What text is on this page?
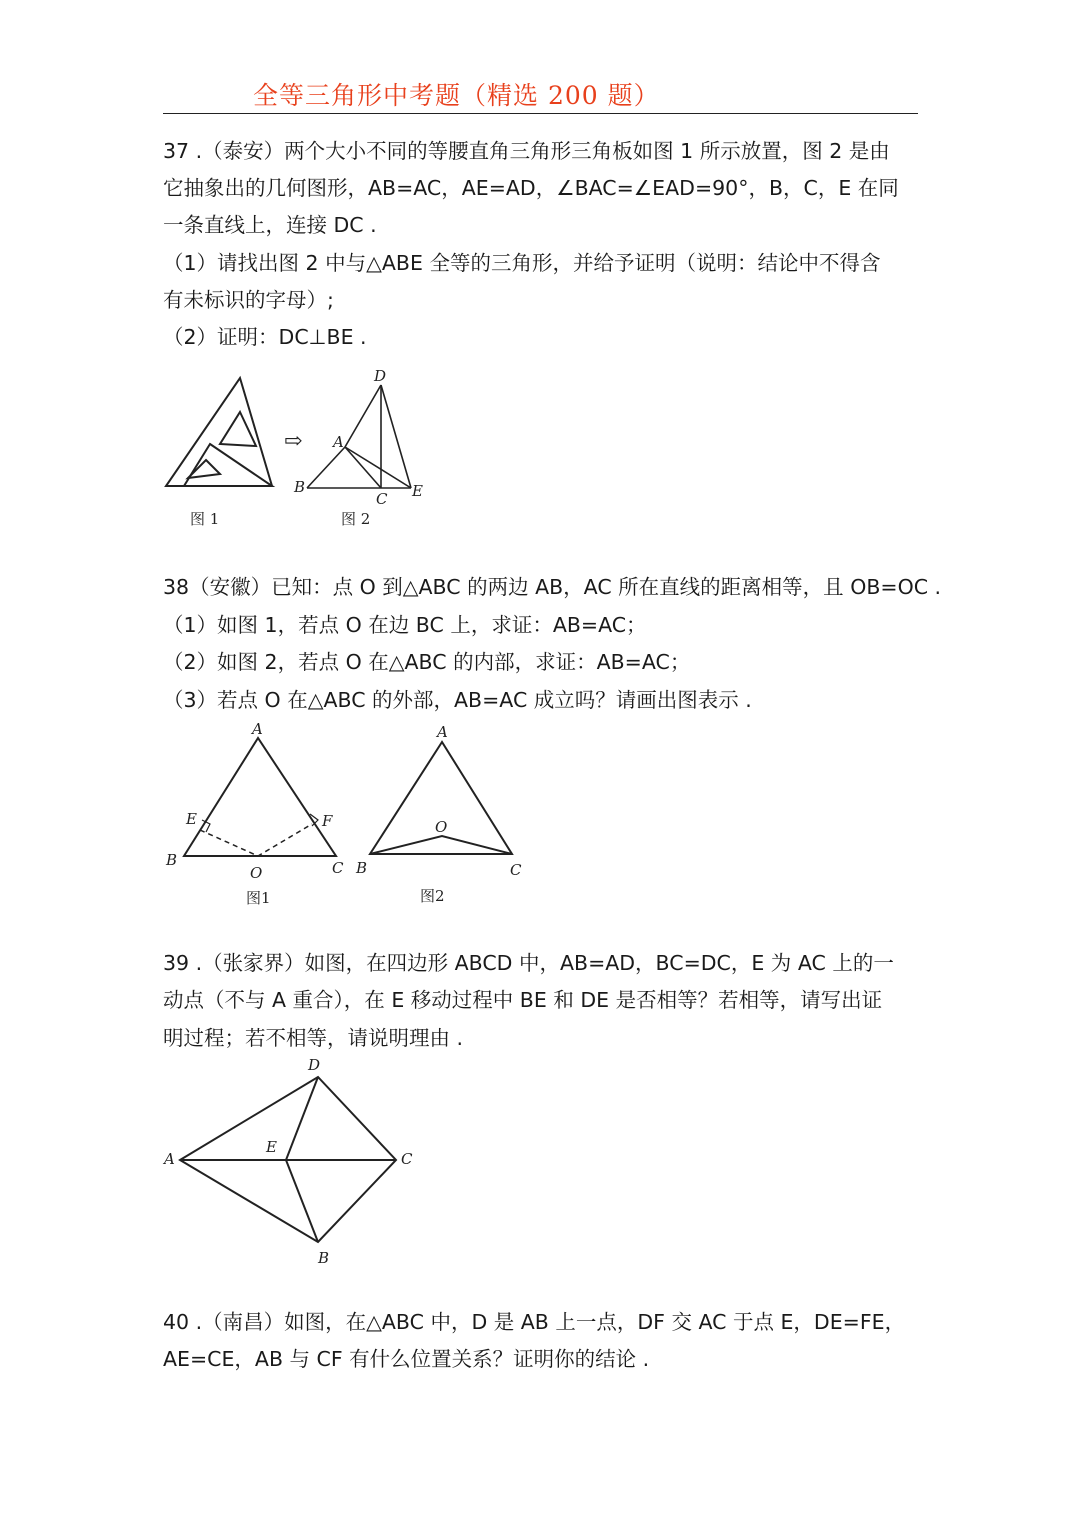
全等三角形中考题（精选 200 题）
37 .（泰安）两个大小不同的等腰直角三角形三角板如图 1 所示放置，图 2 是由
它抽象出的几何图形，AB=AC，AE=AD，∠BAC=∠EAD=90°，B，C，E 在同
一条直线上，连接 DC .
（1）请找出图 2 中与△ABE 全等的三角形，并给予证明（说明：结论中不得含
有未标识的字母）;
（2）证明：DC⊥BE .
⇨
D
A
B
C E
图 1	图 2
38（安徽）已知：点 O 到△ABC 的两边 AB，AC 所在直线的距离相等，且 OB=OC .
（1）如图 1，若点 O 在边 BC 上，求证：AB=AC；
（2）如图 2，若点 O 在△ABC 的内部，求证：AB=AC；
（3）若点 O 在△ABC 的外部，AB=AC 成立吗？请画出图表示 .
A
E	F
B
O	C
图1
A
O
B	C
图2
39 .（张家界）如图，在四边形 ABCD 中，AB=AD，BC=DC，E 为 AC 上的一
动点（不与 A 重合），在 E 移动过程中 BE 和 DE 是否相等？若相等，请写出证
明过程；若不相等，请说明理由 .
D
A
E
C
B
40 .（南昌）如图，在△ABC 中，D 是 AB 上一点，DF 交 AC 于点 E，DE=FE，
AE=CE，AB 与 CF 有什么位置关系？证明你的结论 .
